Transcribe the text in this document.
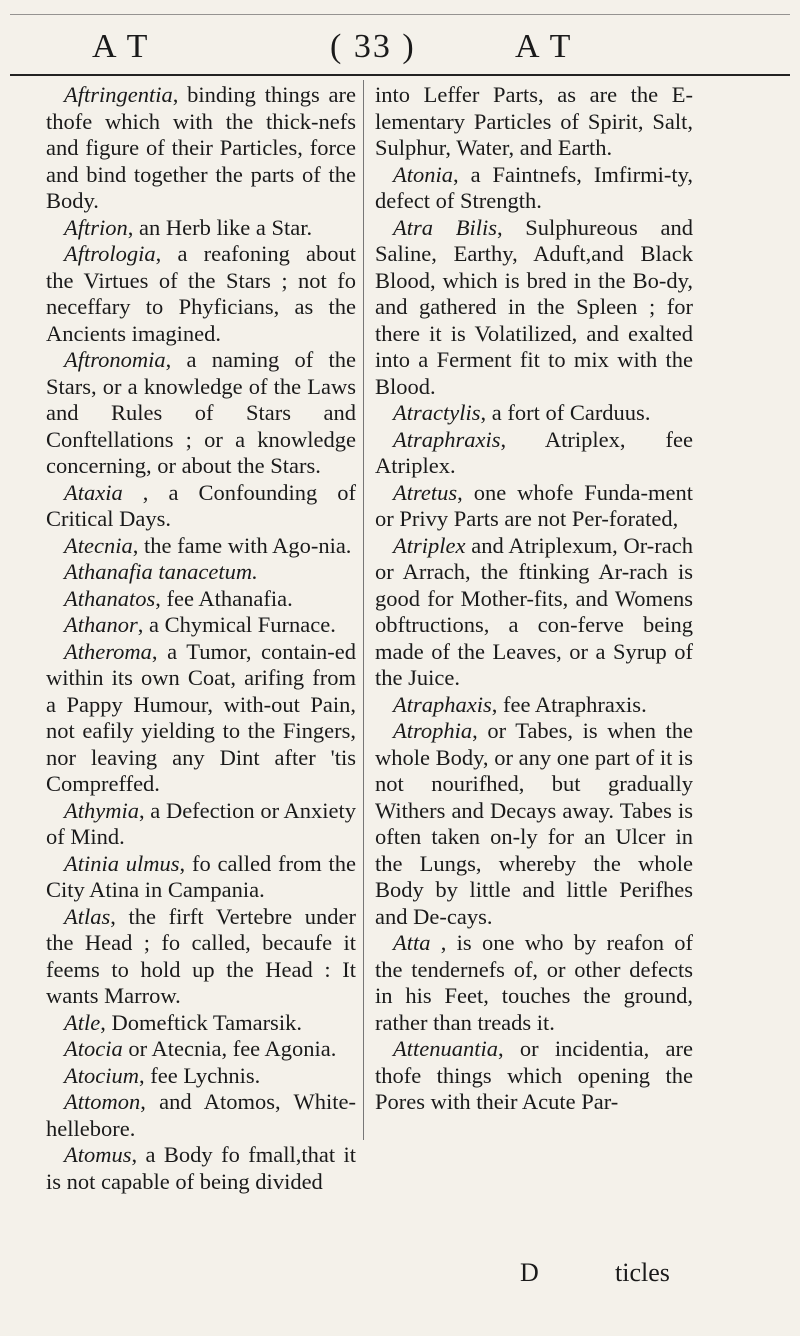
A T	( 33 )	A T

Aftringentia, binding things are thofe which with the thick-nefs and figure of their Particles, force and bind together the parts of the Body.

Aftrion, an Herb like a Star.

Aftrologia, a reafoning about the Virtues of the Stars ; not fo neceffary to Phyficians, as the Ancients imagined.

Aftronomia, a naming of the Stars, or a knowledge of the Laws and Rules of Stars and Conftellations ; or a knowledge concerning, or about the Stars.

Ataxia , a Confounding of Critical Days.

Atecnia, the fame with Ago-nia.

Athanafia tanacetum.

Athanatos, fee Athanafia.

Athanor, a Chymical Furnace.

Atheroma, a Tumor, contain-ed within its own Coat, arifing from a Pappy Humour, with-out Pain, not eafily yielding to the Fingers, nor leaving any Dint after 'tis Compreffed.

Athymia, a Defection or Anxiety of Mind.

Atinia ulmus, fo called from the City Atina in Campania.

Atlas, the firft Vertebre under the Head ; fo called, becaufe it feems to hold up the Head : It wants Marrow.

Atle, Domeftick Tamarsik.

Atocia or Atecnia, fee Agonia.

Atocium, fee Lychnis.

Attomon, and Atomos, White-hellebore.

Atomus, a Body fo fmall,that it is not capable of being divided

into Leffer Parts, as are the E-lementary Particles of Spirit, Salt, Sulphur, Water, and Earth.

Atonia, a Faintnefs, Imfirmi-ty, defect of Strength.

Atra Bilis, Sulphureous and Saline, Earthy, Aduft,and Black Blood, which is bred in the Bo-dy, and gathered in the Spleen ; for there it is Volatilized, and exalted into a Ferment fit to mix with the Blood.

Atractylis, a fort of Carduus.

Atraphraxis, Atriplex, fee Atriplex.

Atretus, one whofe Funda-ment or Privy Parts are not Per-forated,

Atriplex and Atriplexum, Or-rach or Arrach, the ftinking Ar-rach is good for Mother-fits, and Womens obftructions, a con-ferve being made of the Leaves, or a Syrup of the Juice.

Atraphaxis, fee Atraphraxis.

Atrophia, or Tabes, is when the whole Body, or any one part of it is not nourifhed, but gradually Withers and Decays away. Tabes is often taken on-ly for an Ulcer in the Lungs, whereby the whole Body by little and little Perifhes and De-cays.

Atta , is one who by reafon of the tendernefs of, or other defects in his Feet, touches the ground, rather than treads it.

Attenuantia, or incidentia, are thofe things which opening the Pores with their Acute Par-

D	ticles
